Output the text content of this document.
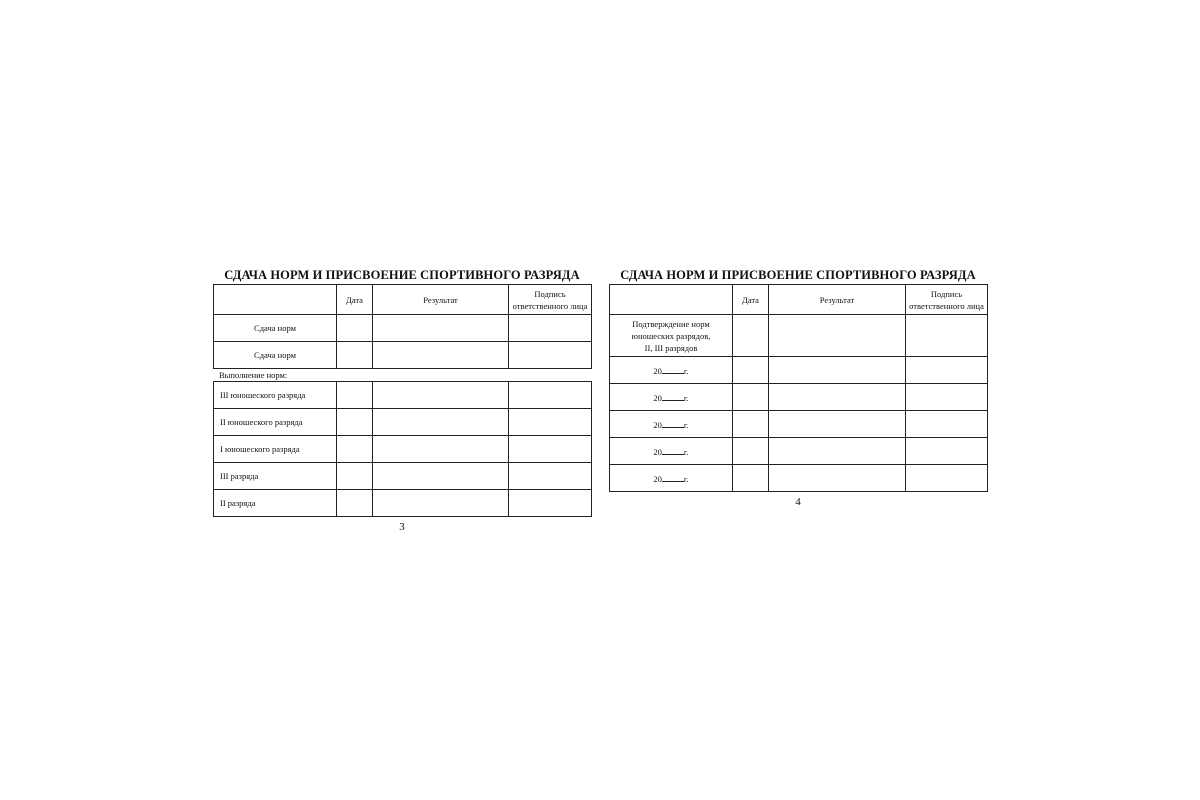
СДАЧА НОРМ И ПРИСВОЕНИЕ СПОРТИВНОГО РАЗРЯДА
	Дата	Результат	Подпись
ответственного лица
Сдача норм			
Сдача норм			
Выполнение норм:
III юношеского разряда			
II юношеского разряда			
I юношеского разряда			
III разряда			
II разряда			
3
СДАЧА НОРМ И ПРИСВОЕНИЕ СПОРТИВНОГО РАЗРЯДА
	Дата	Результат	Подпись
ответственного лица
Подтверждение норм
юношеских разрядов,
II, III разрядов			
20 г.			
20 г.			
20 г.			
20 г.			
20 г.			
4
